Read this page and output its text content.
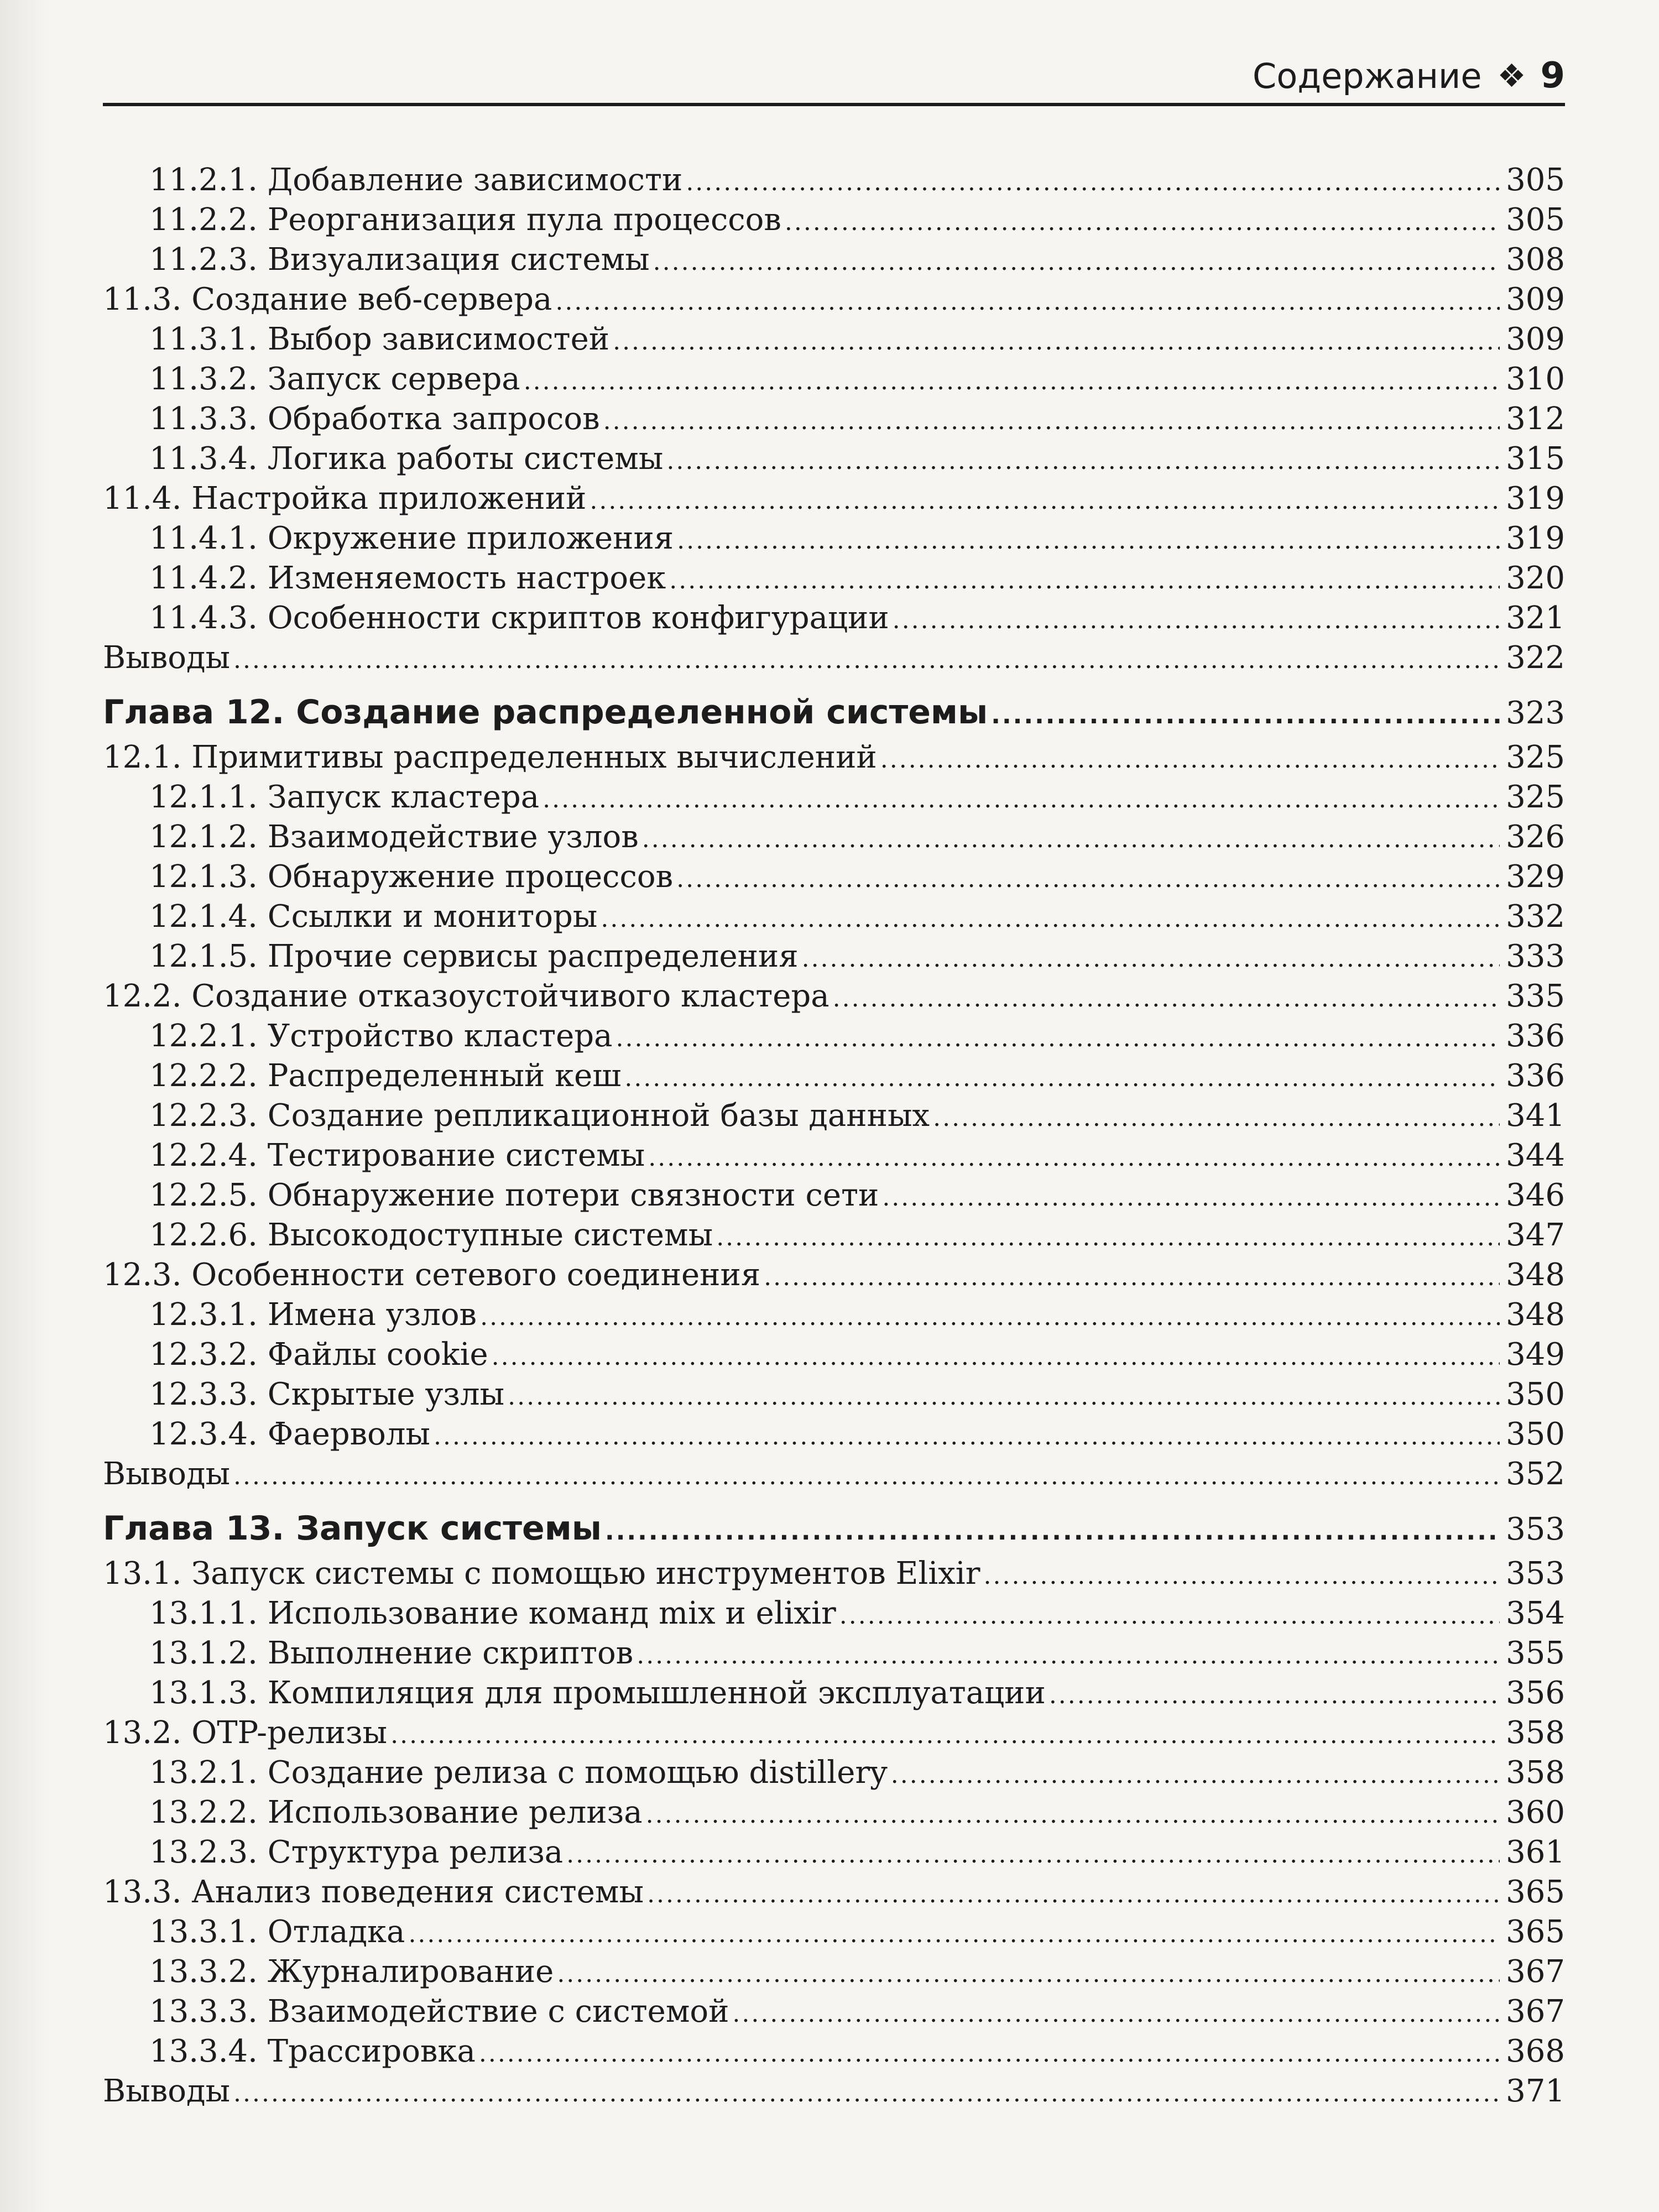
Содержание ❖ 9
11.2.1. Добавление зависимости .....	305
11.2.2. Реорганизация пула процессов .....	305
11.2.3. Визуализация системы .....	308
11.3. Создание веб-сервера .....	309
11.3.1. Выбор зависимостей .....	309
11.3.2. Запуск сервера .....	310
11.3.3. Обработка запросов .....	312
11.3.4. Логика работы системы .....	315
11.4. Настройка приложений .....	319
11.4.1. Окружение приложения .....	319
11.4.2. Изменяемость настроек .....	320
11.4.3. Особенности скриптов конфигурации .....	321
Выводы .....	322
Глава 12. Создание распределенной системы .....	323
12.1. Примитивы распределенных вычислений .....	325
12.1.1. Запуск кластера .....	325
12.1.2. Взаимодействие узлов .....	326
12.1.3. Обнаружение процессов .....	329
12.1.4. Ссылки и мониторы .....	332
12.1.5. Прочие сервисы распределения .....	333
12.2. Создание отказоустойчивого кластера .....	335
12.2.1. Устройство кластера .....	336
12.2.2. Распределенный кеш .....	336
12.2.3. Создание репликационной базы данных .....	341
12.2.4. Тестирование системы .....	344
12.2.5. Обнаружение потери связности сети .....	346
12.2.6. Высокодоступные системы .....	347
12.3. Особенности сетевого соединения .....	348
12.3.1. Имена узлов .....	348
12.3.2. Файлы cookie .....	349
12.3.3. Скрытые узлы .....	350
12.3.4. Фаерволы .....	350
Выводы .....	352
Глава 13. Запуск системы .....	353
13.1. Запуск системы с помощью инструментов Elixir .....	353
13.1.1. Использование команд mix и elixir .....	354
13.1.2. Выполнение скриптов .....	355
13.1.3. Компиляция для промышленной эксплуатации .....	356
13.2. OTP-релизы .....	358
13.2.1. Создание релиза с помощью distillery .....	358
13.2.2. Использование релиза .....	360
13.2.3. Структура релиза .....	361
13.3. Анализ поведения системы .....	365
13.3.1. Отладка .....	365
13.3.2. Журналирование .....	367
13.3.3. Взаимодействие с системой .....	367
13.3.4. Трассировка .....	368
Выводы .....	371
